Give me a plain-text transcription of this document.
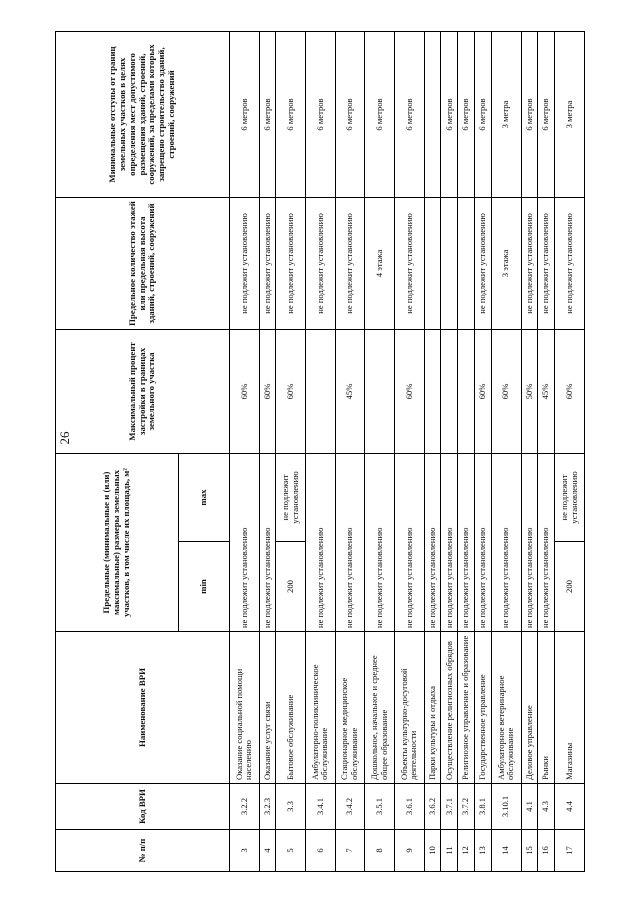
26
№ п/п	Код ВРИ	Наименование ВРИ	Предельные (минимальные и (или) максимальные) размеры земельных участков, в том числе их площадь, м²		Максимальный процент застройки в границах земельного участка	Предельное количество этажей или предельная высота зданий, строений, сооружений	Минимальные отступы от границ земельных участков в целях определения мест допустимого размещения зданий, строений, сооружений, за пределами которых запрещено строительство зданий, строений, сооружений
			min	max			
3	3.2.2	Оказание социальной помощи населению	не подлежит установлению		60%	не подлежит установлению	6 метров
4	3.2.3	Оказание услуг связи	не подлежит установлению		60%	не подлежит установлению	6 метров
5	3.3	Бытовое обслуживание	200	не подлежит установлению	60%	не подлежит установлению	6 метров
6	3.4.1	Амбулаторно-поликлиническое обслуживание	не подлежит установлению			не подлежит установлению	6 метров
7	3.4.2	Стационарное медицинское обслуживание	не подлежит установлению		45%	не подлежит установлению	6 метров
8	3.5.1	Дошкольное, начальное и среднее общее образование	не подлежит установлению			4 этажа	6 метров
9	3.6.1	Объекты культурно-досуговой деятельности	не подлежит установлению		60%	не подлежит установлению	6 метров
10	3.6.2	Парки культуры и отдыха	не подлежит установлению				
11	3.7.1	Осуществление религиозных обрядов	не подлежит установлению				6 метров
12	3.7.2	Религиозное управление и образование	не подлежит установлению				6 метров
13	3.8.1	Государственное управление	не подлежит установлению		60%	не подлежит установлению	6 метров
14	3.10.1	Амбулаторное ветеринарное обслуживание	не подлежит установлению		60%	3 этажа	3 метра
15	4.1	Деловое управление	не подлежит установлению		50%	не подлежит установлению	6 метров
16	4.3	Рынки	не подлежит установлению		45%	не подлежит установлению	6 метров
17	4.4	Магазины	200	не подлежит установлению	60%	не подлежит установлению	3 метра
